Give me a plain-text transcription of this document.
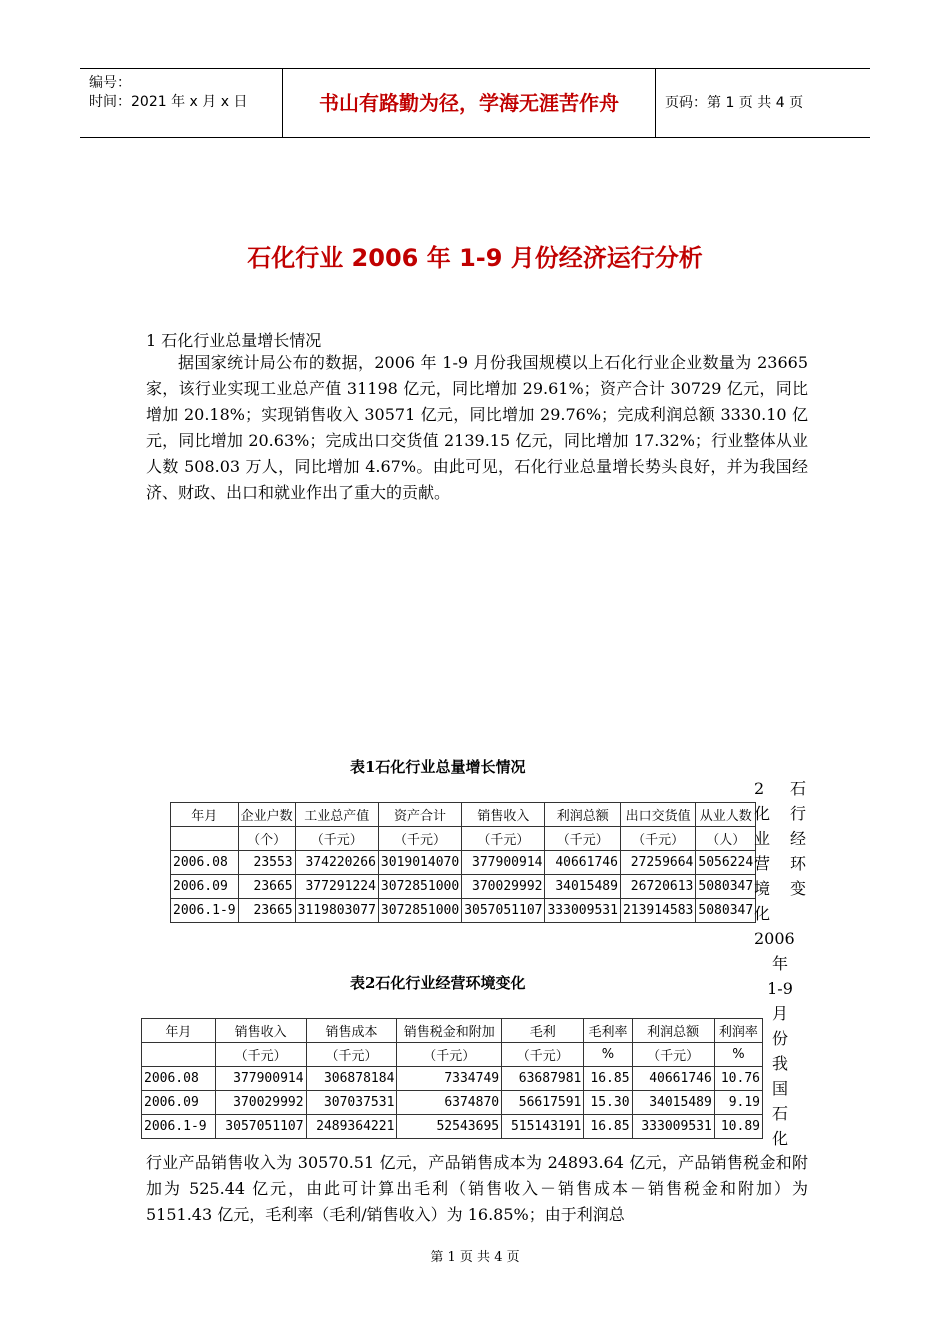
编号：
时间：2021 年 x 月 x 日	书山有路勤为径，学海无涯苦作舟	页码：第 1 页 共 4 页
石化行业 2006 年 1-9 月份经济运行分析
1 石化行业总量增长情况

据国家统计局公布的数据，2006 年 1-9 月份我国规模以上石化行业企业数量为 23665 家，该行业实现工业总产值 31198 亿元，同比增加 29.61%；资产合计 30729 亿元，同比增加 20.18%；实现销售收入 30571 亿元，同比增加 29.76%；完成利润总额 3330.10 亿元，同比增加 20.63%；完成出口交货值 2139.15 亿元，同比增加 17.32%；行业整体从业人数 508.03 万人，同比增加 4.67%。由此可见，石化行业总量增长势头良好，并为我国经济、财政、出口和就业作出了重大的贡献。

表1石化行业总量增长情况
年月	企业户数	工业总产值	资产合计	销售收入	利润总额	出口交货值	从业人数
	（个）	（千元）	（千元）	（千元）	（千元）	（千元）	（人）
2006.08	23553	374220266	3019014070	377900914	40661746	27259664	5056224
2006.09	23665	377291224	3072851000	370029992	34015489	26720613	5080347
2006.1-9	23665	3119803077	3072851000	3057051107	333009531	213914583	5080347
表2石化行业经营环境变化
年月	销售收入	销售成本	销售税金和附加	毛利	毛利率	利润总额	利润率
	（千元）	（千元）	（千元）	（千元）	%	（千元）	%
2006.08	377900914	306878184	7334749	63687981	16.85	40661746	10.76
2006.09	370029992	307037531	6374870	56617591	15.30	34015489	9.19
2006.1-9	3057051107	2489364221	52543695	515143191	16.85	333009531	10.89
2 石
化 行
业 经
营 环
境 变
化
2006
年
1-9
月
份
我
国
石
化
行业产品销售收入为 30570.51 亿元，产品销售成本为 24893.64 亿元，产品销售税金和附加为 525.44 亿元，由此可计算出毛利（销售收入－销售成本－销售税金和附加）为 5151.43 亿元，毛利率（毛利/销售收入）为 16.85%；由于利润总
第 1 页 共 4 页
